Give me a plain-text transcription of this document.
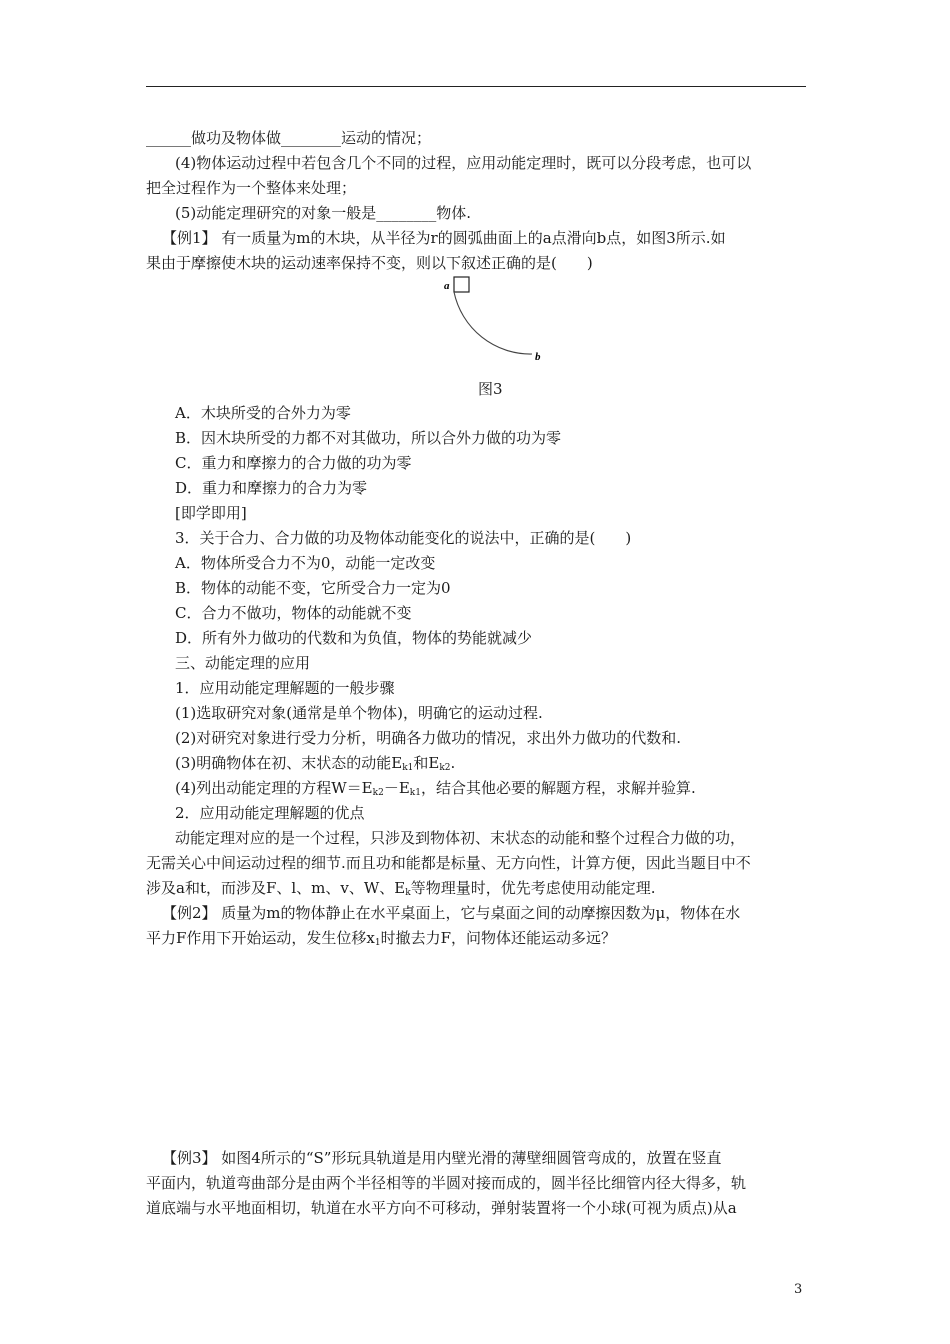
______做功及物体做________运动的情况；
(4)物体运动过程中若包含几个不同的过程，应用动能定理时，既可以分段考虑，也可以
把全过程作为一个整体来处理；
(5)动能定理研究的对象一般是________物体.
【例1】 有一质量为m的木块，从半径为r的圆弧曲面上的a点滑向b点，如图3所示.如
果由于摩擦使木块的运动速率保持不变，则以下叙述正确的是(　　)
a
b
图3
A．木块所受的合外力为零
B．因木块所受的力都不对其做功，所以合外力做的功为零
C．重力和摩擦力的合力做的功为零
D．重力和摩擦力的合力为零
[即学即用]
3．关于合力、合力做的功及物体动能变化的说法中，正确的是(　　)
A．物体所受合力不为0，动能一定改变
B．物体的动能不变，它所受合力一定为0
C．合力不做功，物体的动能就不变
D．所有外力做功的代数和为负值，物体的势能就减少
三、动能定理的应用
1．应用动能定理解题的一般步骤
(1)选取研究对象(通常是单个物体)，明确它的运动过程.
(2)对研究对象进行受力分析，明确各力做功的情况，求出外力做功的代数和.
(3)明确物体在初、末状态的动能$E_{k1}$和$E_{k2}$.
(4)列出动能定理的方程$W=E_{k2}-E_{k1}$，结合其他必要的解题方程，求解并验算.
2．应用动能定理解题的优点
动能定理对应的是一个过程，只涉及到物体初、末状态的动能和整个过程合力做的功，
无需关心中间运动过程的细节.而且功和能都是标量、无方向性，计算方便，因此当题目中不
涉及a和t，而涉及F、l、m、v、W、$E_k$等物理量时，优先考虑使用动能定理.
【例2】 质量为m的物体静止在水平桌面上，它与桌面之间的动摩擦因数为μ，物体在水
平力F作用下开始运动，发生位移$x_1$时撤去力F，问物体还能运动多远？
【例3】 如图4所示的“S”形玩具轨道是用内壁光滑的薄壁细圆管弯成的，放置在竖直
平面内，轨道弯曲部分是由两个半径相等的半圆对接而成的，圆半径比细管内径大得多，轨
道底端与水平地面相切，轨道在水平方向不可移动，弹射装置将一个小球(可视为质点)从a
3
